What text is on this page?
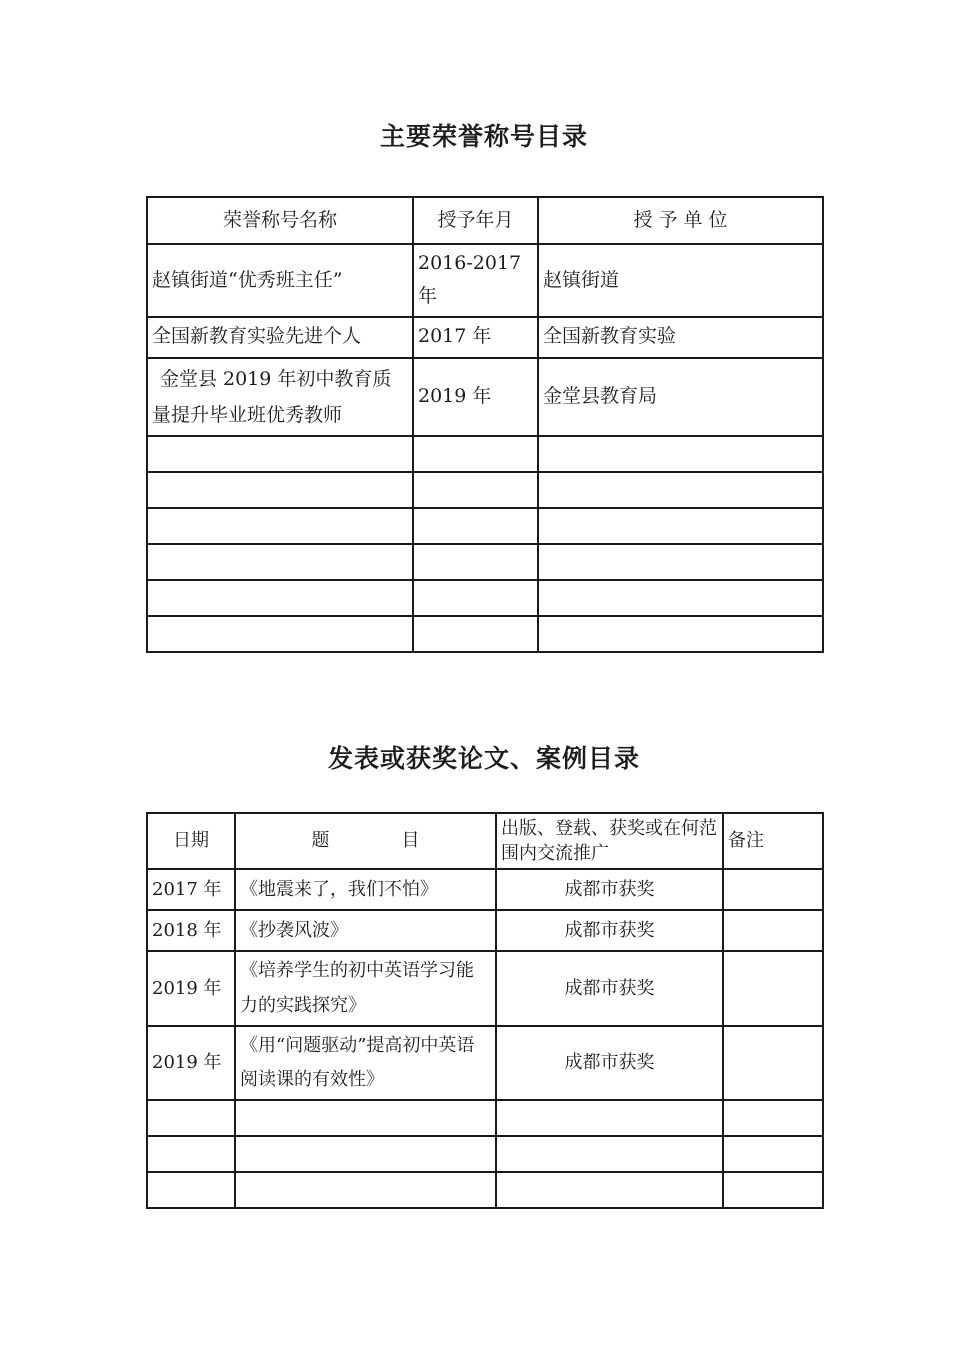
主要荣誉称号目录
荣誉称号名称	授予年月	授 予 单 位
赵镇街道“优秀班主任”	2016-2017 年	赵镇街道
全国新教育实验先进个人	2017 年	全国新教育实验
金堂县 2019 年初中教育质量提升毕业班优秀教师	2019 年	金堂县教育局

发表或获奖论文、案例目录
日期	题　　　　目	出版、登载、获奖或在何范围内交流推广	备注
2017 年	《地震来了，我们不怕》	成都市获奖	
2018 年	《抄袭风波》	成都市获奖	
2019 年	《培养学生的初中英语学习能力的实践探究》	成都市获奖	
2019 年	《用“问题驱动”提高初中英语阅读课的有效性》	成都市获奖	
